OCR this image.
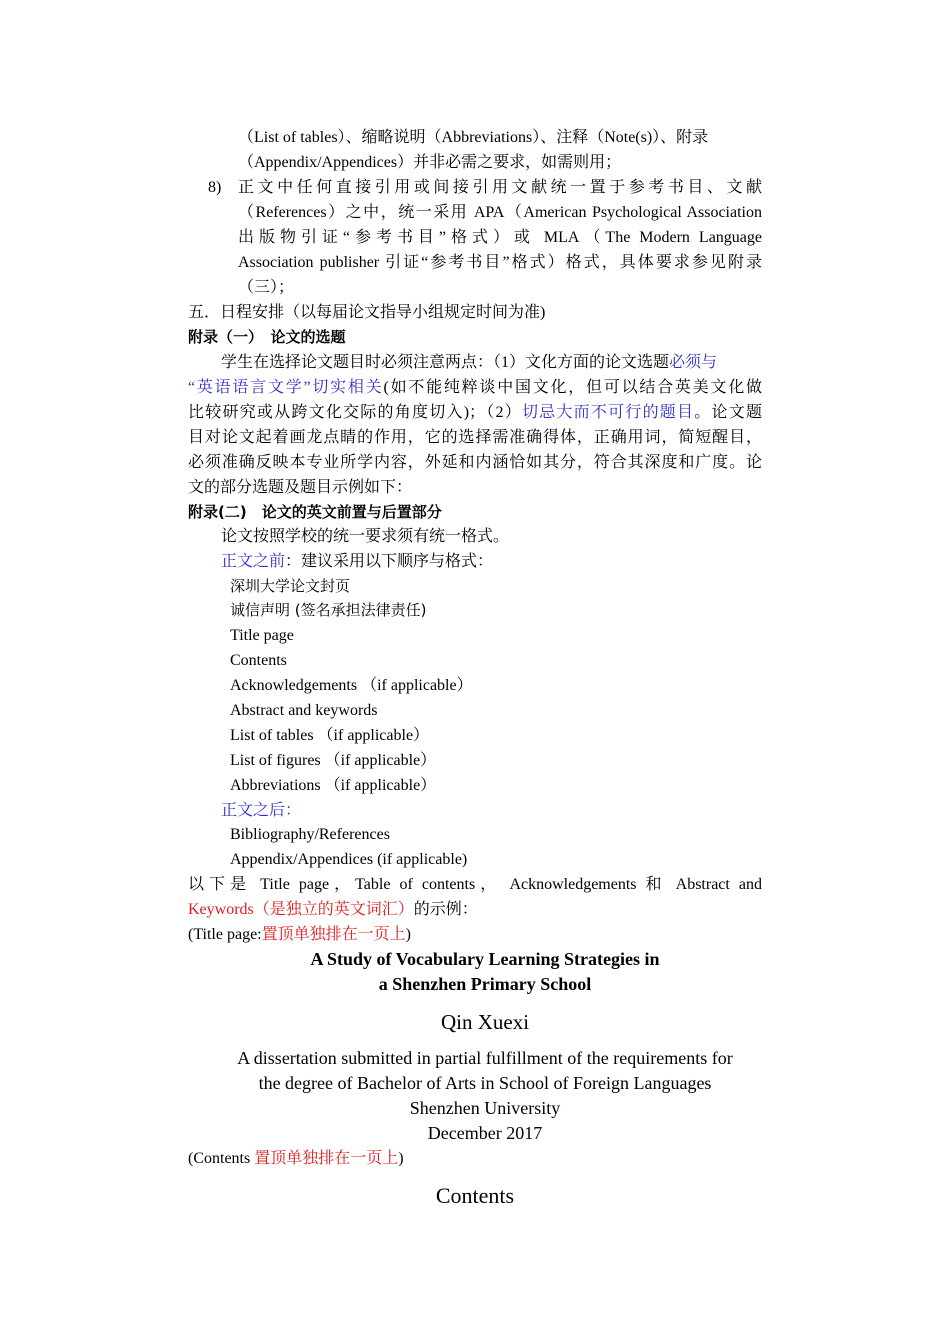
（List of tables）、缩略说明（Abbreviations）、注释（Note(s)）、附录
（Appendix/Appendices）并非必需之要求，如需则用；
8)	正文中任何直接引用或间接引用文献统一置于参考书目、文献
（References）之中，统一采用 APA（American Psychological Association
出版物引证“参考书目”格式）或 MLA（The Modern Language
Association publisher 引证“参考书目”格式）格式，具体要求参见附录
（三）；
五．日程安排（以每届论文指导小组规定时间为准)
附录（一）　论文的选题
学生在选择论文题目时必须注意两点：（1）文化方面的论文选题必须与
“英语语言文学”切实相关(如不能纯粹谈中国文化，但可以结合英美文化做
比较研究或从跨文化交际的角度切入)；（2）切忌大而不可行的题目。论文题
目对论文起着画龙点睛的作用，它的选择需准确得体，正确用词，简短醒目，
必须准确反映本专业所学内容，外延和内涵恰如其分，符合其深度和广度。论
文的部分选题及题目示例如下：
附录(二)　论文的英文前置与后置部分
论文按照学校的统一要求须有统一格式。
正文之前：建议采用以下顺序与格式：
深圳大学论文封页
诚信声明 (签名承担法律责任)
Title page
Contents
Acknowledgements （if applicable）
Abstract and keywords
List of tables （if applicable）
List of figures （if applicable）
Abbreviations （if applicable）
正文之后：
Bibliography/References
Appendix/Appendices (if applicable)
以下是 Title page，Table of contents， Acknowledgements 和 Abstract and
Keywords（是独立的英文词汇）的示例：
(Title page:置顶单独排在一页上)
A Study of Vocabulary Learning Strategies in
a Shenzhen Primary School
Qin Xuexi
A dissertation submitted in partial fulfillment of the requirements for
the degree of Bachelor of Arts in School of Foreign Languages
Shenzhen University
December 2017
(Contents 置顶单独排在一页上)
Contents
